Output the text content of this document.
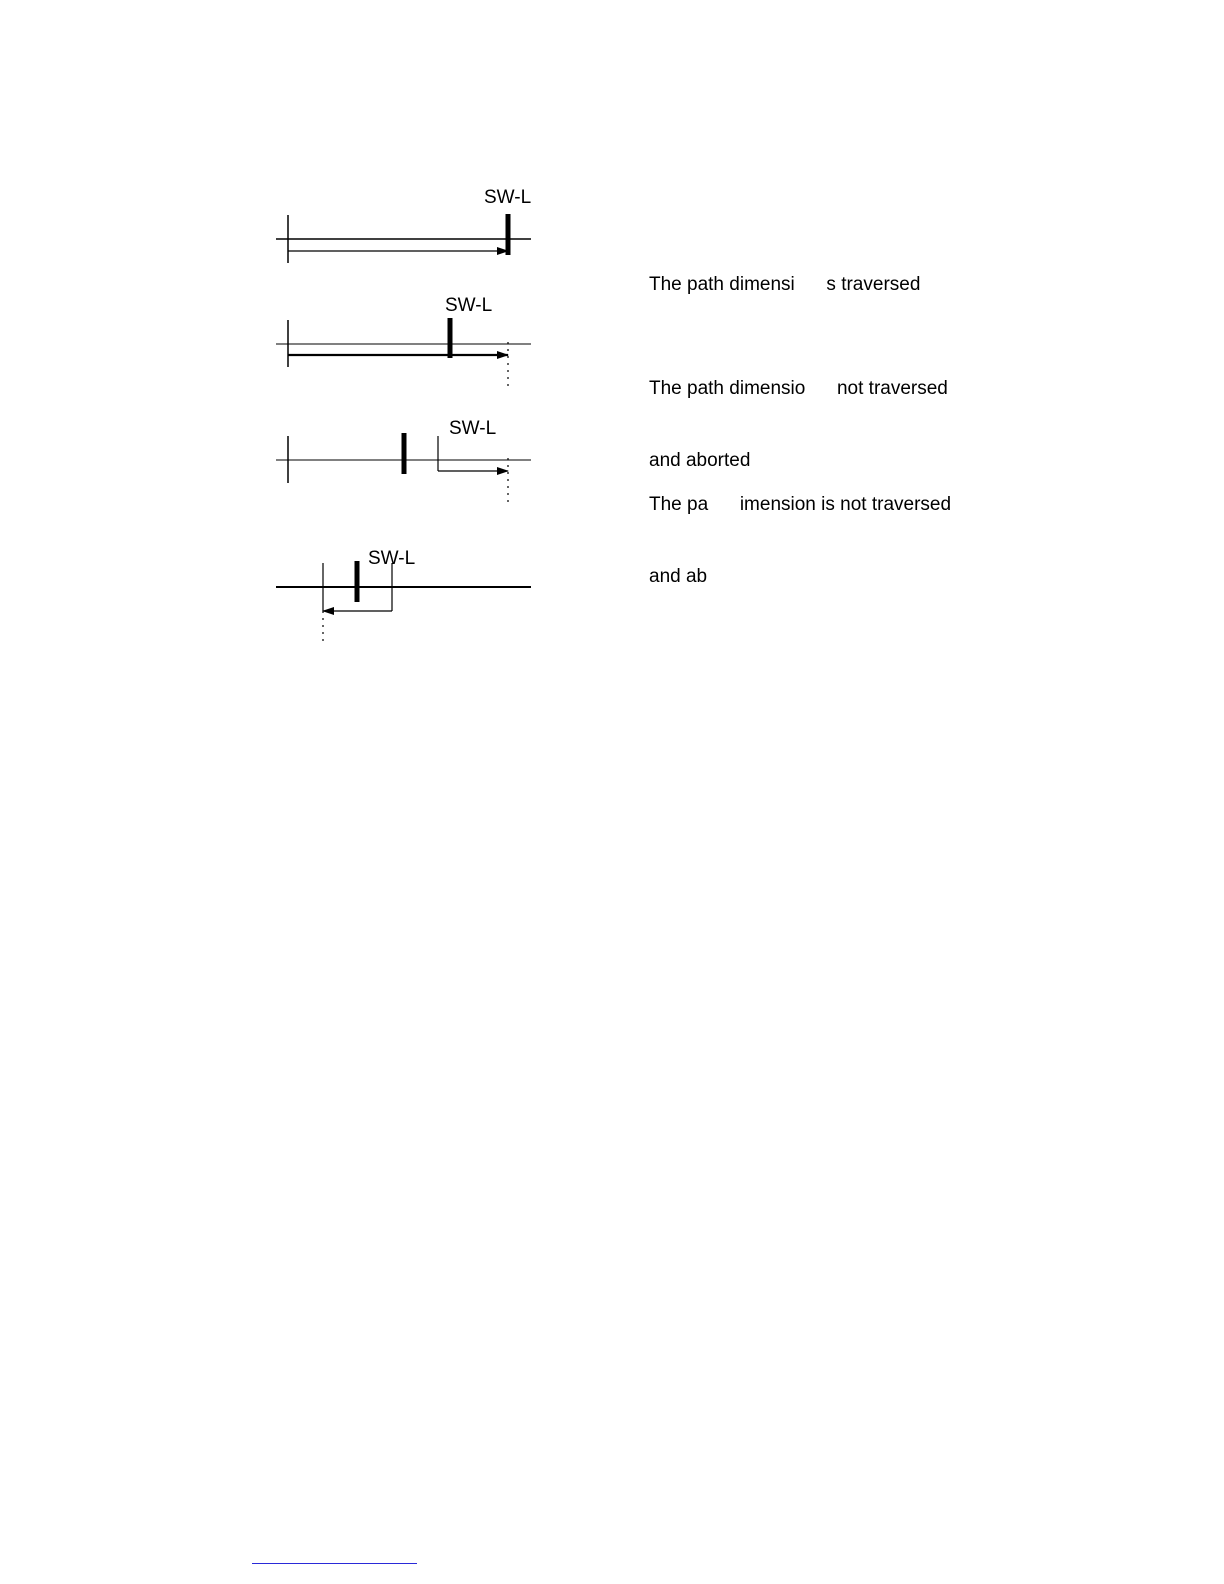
SW-L
SW-L
SW-L
SW-L

The path dimensi      s traversed

The path dimensio      not traversed

and aborted

The pa      imension is not traversed

and ab
